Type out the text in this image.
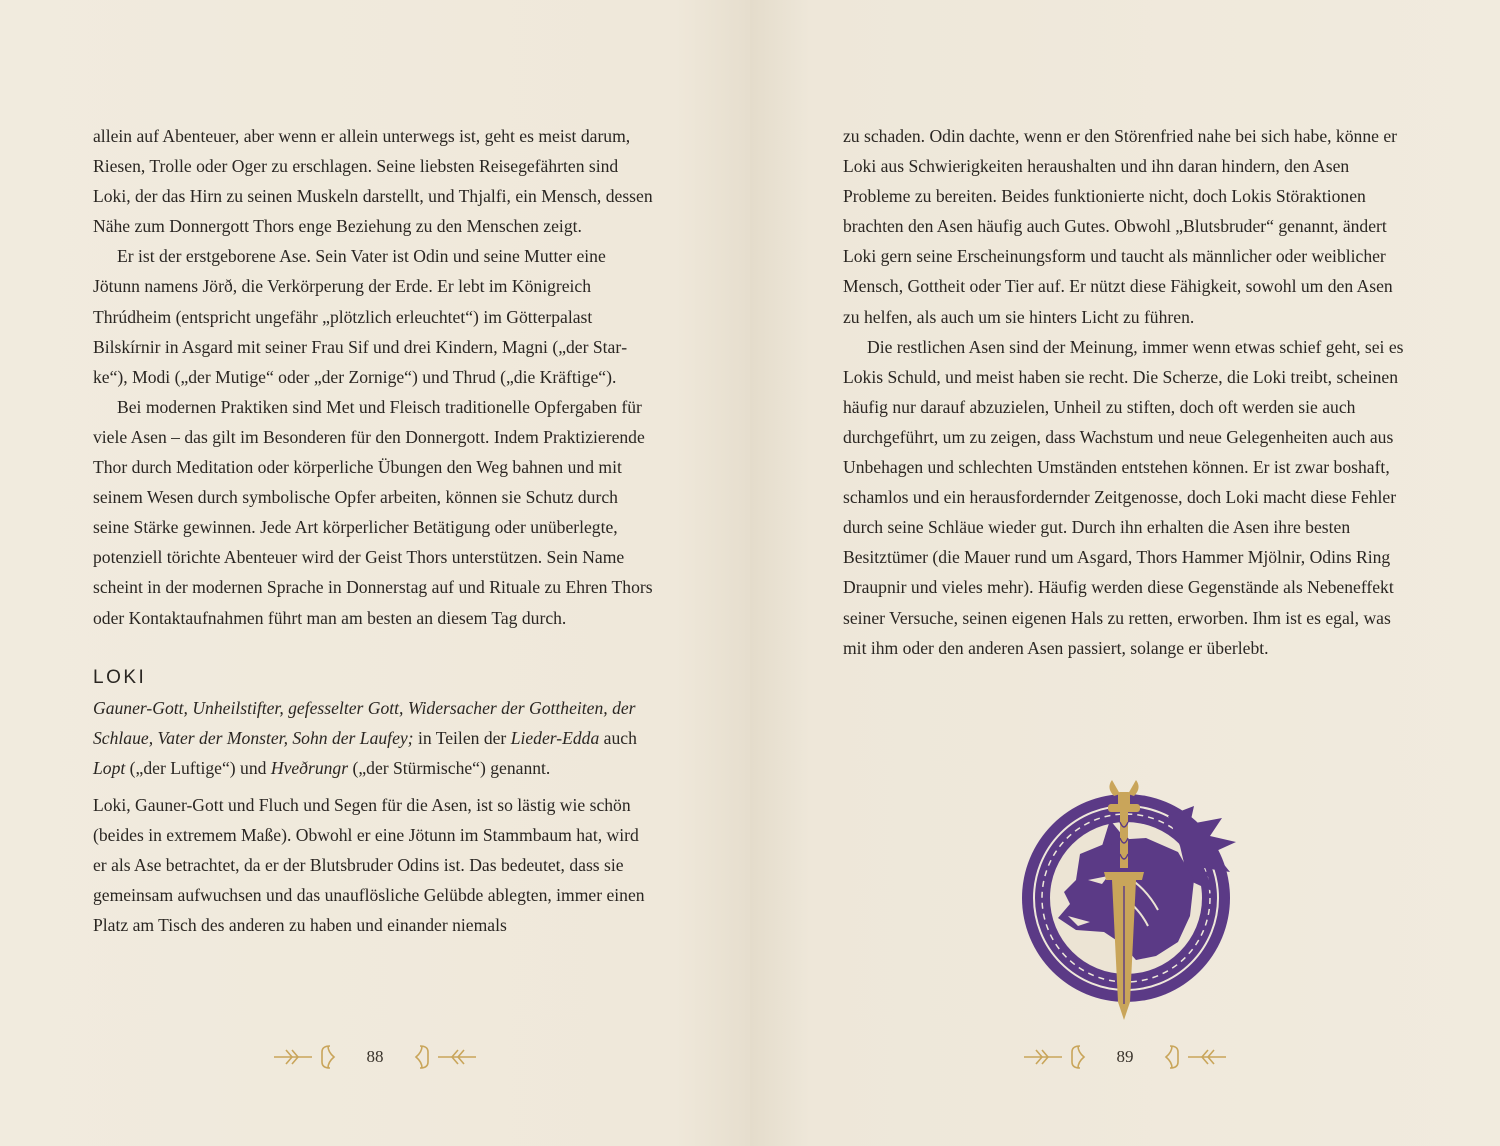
allein auf Abenteuer, aber wenn er allein unterwegs ist, geht es meist darum, Riesen, Trolle oder Oger zu erschlagen. Seine liebsten Reisegefährten sind Loki, der das Hirn zu seinen Muskeln darstellt, und Thjalfi, ein Mensch, dessen Nähe zum Donnergott Thors enge Beziehung zu den Menschen zeigt.

Er ist der erstgeborene Ase. Sein Vater ist Odin und seine Mutter eine Jötunn namens Jörð, die Verkörperung der Erde. Er lebt im Königreich Thrúdheim (entspricht ungefähr „plötzlich erleuchtet“) im Götterpalast Bilskírnir in Asgard mit seiner Frau Sif und drei Kindern, Magni („der Starke“), Modi („der Mutige“ oder „der Zornige“) und Thrud („die Kräftige“).

Bei modernen Praktiken sind Met und Fleisch traditionelle Opfergaben für viele Asen – das gilt im Besonderen für den Donnergott. Indem Praktizierende Thor durch Meditation oder körperliche Übungen den Weg bahnen und mit seinem Wesen durch symbolische Opfer arbeiten, können sie Schutz durch seine Stärke gewinnen. Jede Art körperlicher Betätigung oder unüberlegte, potenziell törichte Abenteuer wird der Geist Thors unterstützen. Sein Name scheint in der modernen Sprache in Donnerstag auf und Rituale zu Ehren Thors oder Kontaktaufnahmen führt man am besten an diesem Tag durch.

LOKI

Gauner-Gott, Unheilstifter, gefesselter Gott, Widersacher der Gottheiten, der Schlaue, Vater der Monster, Sohn der Laufey; in Teilen der Lieder-Edda auch Lopt („der Luftige“) und Hveðrungr („der Stürmische“) genannt.

Loki, Gauner-Gott und Fluch und Segen für die Asen, ist so lästig wie schön (beides in extremem Maße). Obwohl er eine Jötunn im Stammbaum hat, wird er als Ase betrachtet, da er der Blutsbruder Odins ist. Das bedeutet, dass sie gemeinsam aufwuchsen und das unauflösliche Gelübde ablegten, immer einen Platz am Tisch des anderen zu haben und einander niemals

88

zu schaden. Odin dachte, wenn er den Störenfried nahe bei sich habe, könne er Loki aus Schwierigkeiten heraushalten und ihn daran hindern, den Asen Probleme zu bereiten. Beides funktionierte nicht, doch Lokis Störaktionen brachten den Asen häufig auch Gutes. Obwohl „Blutsbruder“ genannt, ändert Loki gern seine Erscheinungsform und taucht als männlicher oder weiblicher Mensch, Gottheit oder Tier auf. Er nützt diese Fähigkeit, sowohl um den Asen zu helfen, als auch um sie hinters Licht zu führen.

Die restlichen Asen sind der Meinung, immer wenn etwas schief geht, sei es Lokis Schuld, und meist haben sie recht. Die Scherze, die Loki treibt, scheinen häufig nur darauf abzuzielen, Unheil zu stiften, doch oft werden sie auch durchgeführt, um zu zeigen, dass Wachstum und neue Gelegenheiten auch aus Unbehagen und schlechten Umständen entstehen können. Er ist zwar boshaft, schamlos und ein herausfordernder Zeitgenosse, doch Loki macht diese Fehler durch seine Schläue wieder gut. Durch ihn erhalten die Asen ihre besten Besitztümer (die Mauer rund um Asgard, Thors Hammer Mjölnir, Odins Ring Draupnir und vieles mehr). Häufig werden diese Gegenstände als Nebeneffekt seiner Versuche, seinen eigenen Hals zu retten, erworben. Ihm ist es egal, was mit ihm oder den anderen Asen passiert, solange er überlebt.

89
